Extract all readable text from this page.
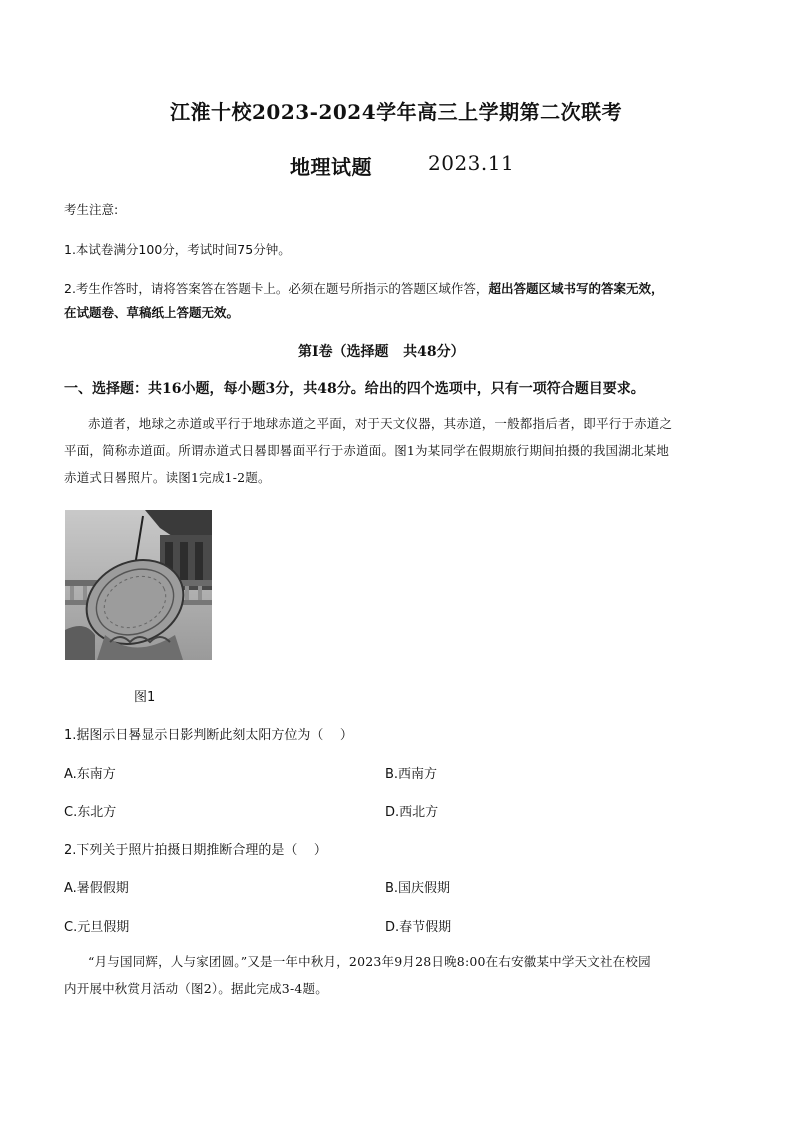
江淮十校2023-2024学年高三上学期第二次联考
地理试题	2023.11
考生注意:
1.本试卷满分100分，考试时间75分钟。
2.考生作答时，请将答案答在答题卡上。必须在题号所指示的答题区域作答，超出答题区域书写的答案无效，
在试题卷、草稿纸上答题无效。
第Ⅰ卷（选择题   共48分）
一、选择题：共16小题，每小题3分，共48分。给出的四个选项中，只有一项符合题目要求。
赤道者，地球之赤道或平行于地球赤道之平面，对于天文仪器，其赤道，一般都指后者，即平行于赤道之
平面，简称赤道面。所谓赤道式日晷即晷面平行于赤道面。图1为某同学在假期旅行期间拍摄的我国湖北某地
赤道式日晷照片。读图1完成1-2题。
图1
1.据图示日晷显示日影判断此刻太阳方位为（    ）
A.东南方	B.西南方
C.东北方	D.西北方
2.下列关于照片拍摄日期推断合理的是（    ）
A.暑假假期	B.国庆假期
C.元旦假期	D.春节假期
“月与国同辉，人与家团圆。”又是一年中秋月，2023年9月28日晚8:00在右安徽某中学天文社在校园
内开展中秋赏月活动（图2）。据此完成3-4题。
